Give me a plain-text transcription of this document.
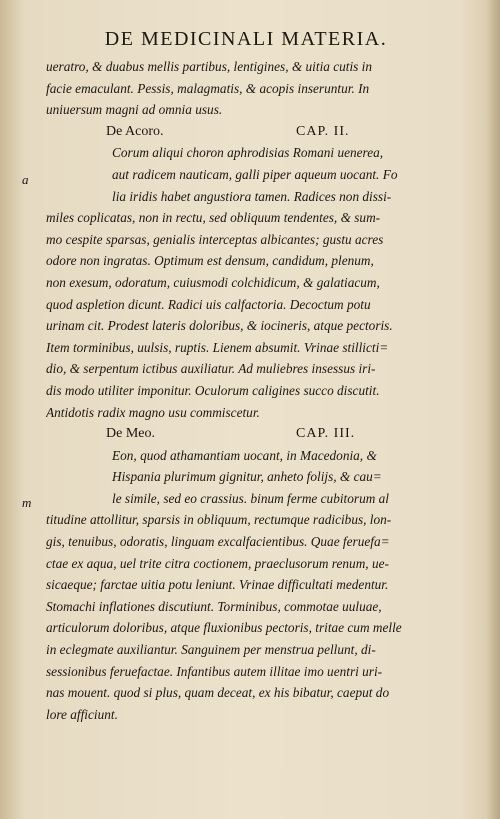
DE MEDICINALI MATERIA.
a
m
ueratro, & duabus mellis partibus, lentigines, & uitia cutis in
facie emaculant. Pessis, malagmatis, & acopis inseruntur. In
uniuersum magni ad omnia usus.
De Acoro.	CAP. II.
Corum aliqui choron aphrodisias Romani uenerea,
aut radicem nauticam, galli piper aqueum uocant. Fo
lia iridis habet angustiora tamen. Radices non dissi-
miles coplicatas, non in rectu, sed obliquum tendentes, & sum-
mo cespite sparsas, genialis interceptas albicantes; gustu acres
odore non ingratas. Optimum est densum, candidum, plenum,
non exesum, odoratum, cuiusmodi colchidicum, & galatiacum,
quod aspletion dicunt. Radici uis calfactoria. Decoctum potu
urinam cit. Prodest lateris doloribus, & iocineris, atque pectoris.
Item torminibus, uulsis, ruptis. Lienem absumit. Vrinae stillicti=
dio, & serpentum ictibus auxiliatur. Ad muliebres insessus iri-
dis modo utiliter imponitur. Oculorum caligines succo discutit.
Antidotis radix magno usu commiscetur.
De Meo.	CAP. III.
Eon, quod athamantiam uocant, in Macedonia, &
Hispania plurimum gignitur, anheto folijs, & cau=
le simile, sed eo crassius. binum ferme cubitorum al
titudine attollitur, sparsis in obliquum, rectumque radicibus, lon-
gis, tenuibus, odoratis, linguam excalfacientibus. Quae feruefa=
ctae ex aqua, uel trite citra coctionem, praeclusorum renum, ue-
sicaeque; farctae uitia potu leniunt. Vrinae difficultati medentur.
Stomachi inflationes discutiunt. Torminibus, commotae uuluae,
articulorum doloribus, atque fluxionibus pectoris, tritae cum melle
in eclegmate auxiliantur. Sanguinem per menstrua pellunt, di-
sessionibus feruefactae. Infantibus autem illitae imo uentri uri-
nas mouent. quod si plus, quam deceat, ex his bibatur, caeput do
lore afficiunt.
